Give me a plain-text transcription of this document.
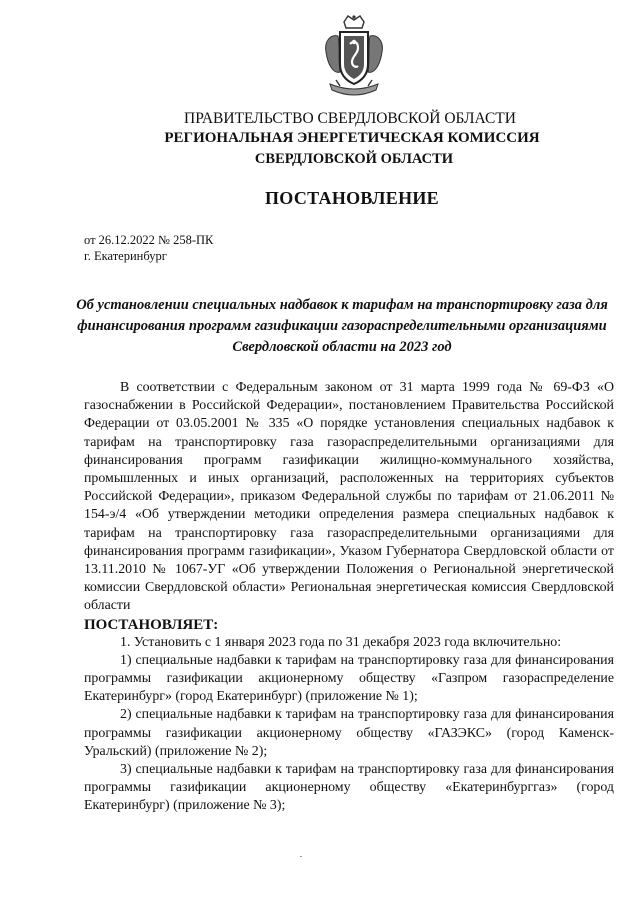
ПРАВИТЕЛЬСТВО СВЕРДЛОВСКОЙ ОБЛАСТИ
РЕГИОНАЛЬНАЯ ЭНЕРГЕТИЧЕСКАЯ КОМИССИЯ
СВЕРДЛОВСКОЙ ОБЛАСТИ
ПОСТАНОВЛЕНИЕ
от 26.12.2022 № 258-ПК
г. Екатеринбург
Об установлении специальных надбавок к тарифам на транспортировку газа для финансирования программ газификации газораспределительными организациями Свердловской области на 2023 год

В соответствии с Федеральным законом от 31 марта 1999 года № 69-ФЗ «О газоснабжении в Российской Федерации», постановлением Правительства Российской Федерации от 03.05.2001 № 335 «О порядке установления специальных надбавок к тарифам на транспортировку газа газораспределительными организациями для финансирования программ газификации жилищно-коммунального хозяйства, промышленных и иных организаций, расположенных на территориях субъектов Российской Федерации», приказом Федеральной службы по тарифам от 21.06.2011 № 154-э/4 «Об утверждении методики определения размера специальных надбавок к тарифам на транспортировку газа газораспределительными организациями для финансирования программ газификации», Указом Губернатора Свердловской области от 13.11.2010 № 1067-УГ «Об утверждении Положения о Региональной энергетической комиссии Свердловской области» Региональная энергетическая комиссия Свердловской области

ПОСТАНОВЛЯЕТ:

1. Установить с 1 января 2023 года по 31 декабря 2023 года включительно:

1) специальные надбавки к тарифам на транспортировку газа для финансирования программы газификации акционерному обществу «Газпром газораспределение Екатеринбург» (город Екатеринбург) (приложение № 1);

2) специальные надбавки к тарифам на транспортировку газа для финансирования программы газификации акционерному обществу «ГАЗЭКС» (город Каменск-Уральский) (приложение № 2);

3) специальные надбавки к тарифам на транспортировку газа для финансирования программы газификации акционерному обществу «Екатеринбурггаз» (город Екатеринбург) (приложение № 3);
